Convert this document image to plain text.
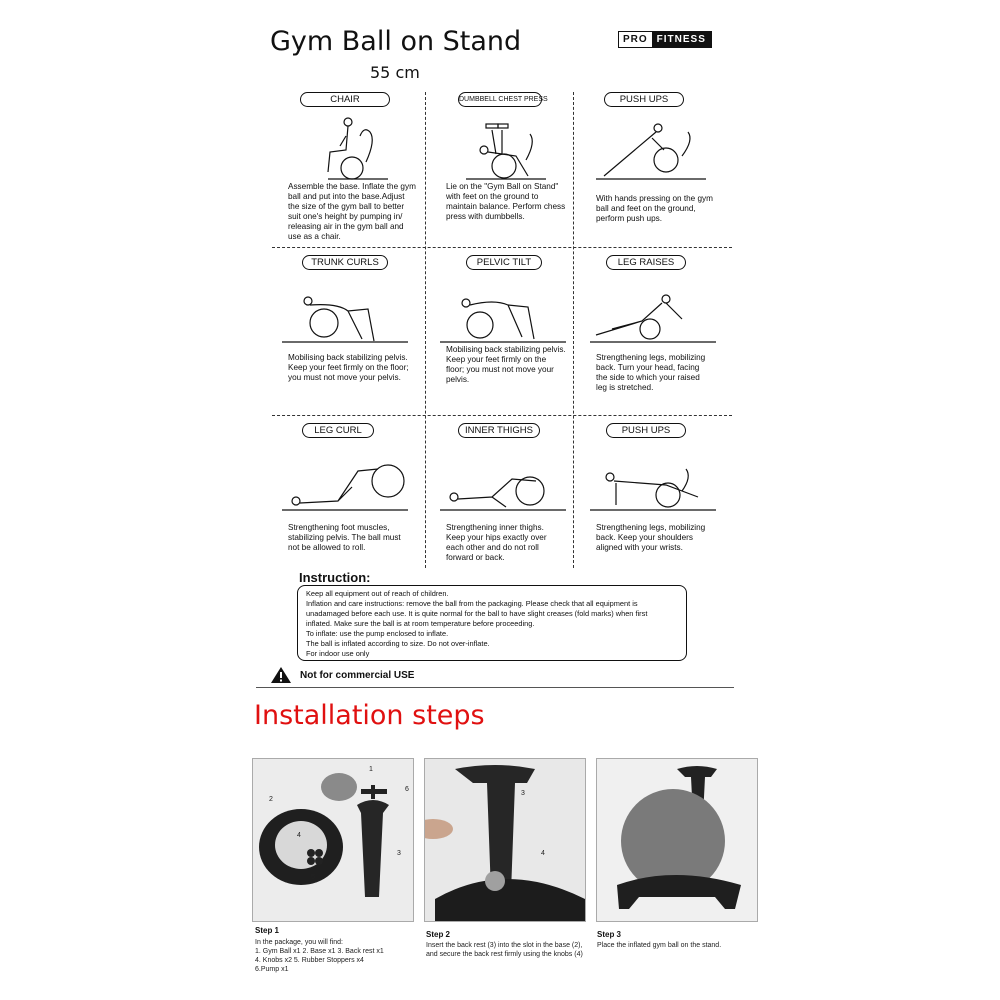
Gym Ball on Stand
55 cm
PRO FITNESS
CHAIR
Assemble the base. Inflate the gym
ball and put into the base.Adjust
the size of the gym ball to better
suit one's height by pumping in/
releasing air in the gym ball and
use as a chair.
DUMBBELL CHEST PRESS
Lie on the "Gym Ball on Stand"
with feet on the ground to
maintain balance. Perform chess
press with dumbbells.
PUSH UPS
With hands pressing on the gym
ball and feet on the ground,
perform push ups.
TRUNK CURLS
Mobilising back stabilizing pelvis.
Keep your feet firmly on the floor;
you must not move your pelvis.
PELVIC TILT
Mobilising back stabilizing pelvis.
Keep your feet firmly on the
floor; you must not move your
pelvis.
LEG RAISES
Strengthening legs, mobilizing
back. Turn your head, facing
the side to which your raised
leg is stretched.
LEG CURL
Strengthening foot muscles,
stabilizing pelvis. The ball must
not be allowed to roll.
INNER THIGHS
Strengthening inner thighs.
Keep your hips exactly over
each other and do not roll
forward or back.
PUSH UPS
Strengthening legs, mobilizing
back. Keep your shoulders
aligned with your wrists.
Instruction:
Keep all equipment out of reach of children.
Inflation and care instructions: remove the ball from the packaging. Please check that all equipment is
unadamaged before each use. It is quite normal for the ball to have slight creases (fold marks) when first
inflated. Make sure the ball is at room temperature before proceeding.
To inflate: use the pump enclosed to inflate.
The ball is inflated according to size. Do not over-inflate.
For indoor use only
Not for commercial USE
Installation steps
1
2
3
4
5
6
3
4
Step 1
In the package, you will find:
1. Gym Ball x1 2. Base x1 3. Back rest x1
4. Knobs x2 5. Rubber Stoppers x4
6.Pump x1
Step 2
Insert the back rest (3) into the slot in the base (2),
and secure the back rest firmly using the knobs (4)
Step 3
Place the inflated gym ball on the stand.
